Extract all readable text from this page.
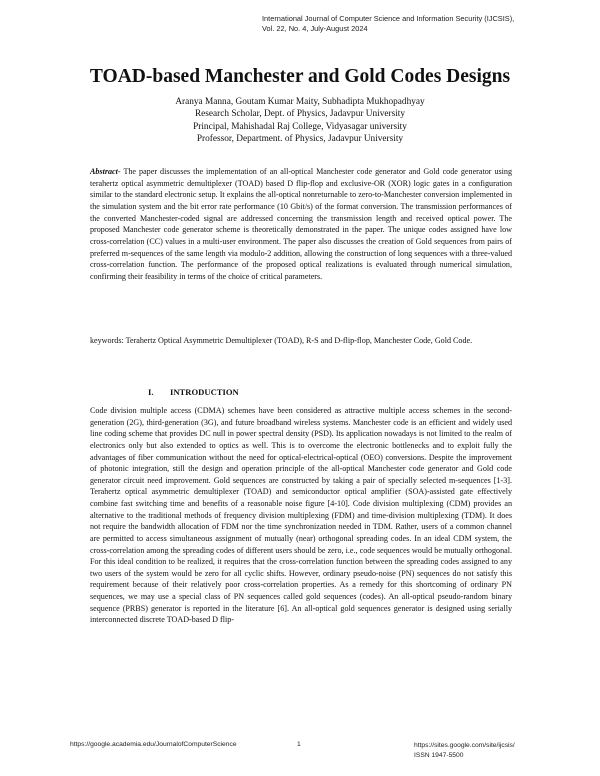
International Journal of Computer Science and Information Security (IJCSIS),
Vol. 22, No. 4, July-August 2024
TOAD-based Manchester and Gold Codes Designs
Aranya Manna, Goutam Kumar Maity, Subhadipta Mukhopadhyay
Research Scholar, Dept. of Physics, Jadavpur University
Principal, Mahishadal Raj College, Vidyasagar university
Professor, Department. of Physics, Jadavpur University
Abstract- The paper discusses the implementation of an all-optical Manchester code generator and Gold code generator using terahertz optical asymmetric demultiplexer (TOAD) based D flip-flop and exclusive-OR (XOR) logic gates in a configuration similar to the standard electronic setup. It explains the all-optical nonreturnable to zero-to-Manchester conversion implemented in the simulation system and the bit error rate performance (10 Gbit/s) of the format conversion. The transmission performances of the converted Manchester-coded signal are addressed concerning the transmission length and received optical power. The proposed Manchester code generator scheme is theoretically demonstrated in the paper. The unique codes assigned have low cross-correlation (CC) values in a multi-user environment. The paper also discusses the creation of Gold sequences from pairs of preferred m-sequences of the same length via modulo-2 addition, allowing the construction of long sequences with a three-valued cross-correlation function. The performance of the proposed optical realizations is evaluated through numerical simulation, confirming their feasibility in terms of the choice of critical parameters.
keywords: Terahertz Optical Asymmetric Demultiplexer (TOAD), R-S and D-flip-flop, Manchester Code, Gold Code.
I. INTRODUCTION
Code division multiple access (CDMA) schemes have been considered as attractive multiple access schemes in the second-generation (2G), third-generation (3G), and future broadband wireless systems. Manchester code is an efficient and widely used line coding scheme that provides DC null in power spectral density (PSD). Its application nowadays is not limited to the realm of electronics only but also extended to optics as well. This is to overcome the electronic bottlenecks and to exploit fully the advantages of fiber communication without the need for optical-electrical-optical (OEO) conversions. Despite the improvement of photonic integration, still the design and operation principle of the all-optical Manchester code generator and Gold code generator circuit need improvement. Gold sequences are constructed by taking a pair of specially selected m-sequences [1-3]. Terahertz optical asymmetric demultiplexer (TOAD) and semiconductor optical amplifier (SOA)-assisted gate effectively combine fast switching time and benefits of a reasonable noise figure [4-10]. Code division multiplexing (CDM) provides an alternative to the traditional methods of frequency division multiplexing (FDM) and time-division multiplexing (TDM). It does not require the bandwidth allocation of FDM nor the time synchronization needed in TDM. Rather, users of a common channel are permitted to access simultaneous assignment of mutually (near) orthogonal spreading codes. In an ideal CDM system, the cross-correlation among the spreading codes of different users should be zero, i.e., code sequences would be mutually orthogonal. For this ideal condition to be realized, it requires that the cross-correlation function between the spreading codes assigned to any two users of the system would be zero for all cyclic shifts. However, ordinary pseudo-noise (PN) sequences do not satisfy this requirement because of their relatively poor cross-correlation properties. As a remedy for this shortcoming of ordinary PN sequences, we may use a special class of PN sequences called gold sequences (codes). An all-optical pseudo-random binary sequence (PRBS) generator is reported in the literature [6]. An all-optical gold sequences generator is designed using serially interconnected discrete TOAD-based D flip-
https://google.academia.edu/JournalofComputerScience	1	https://sites.google.com/site/ijcsis/
ISSN 1947-5500
